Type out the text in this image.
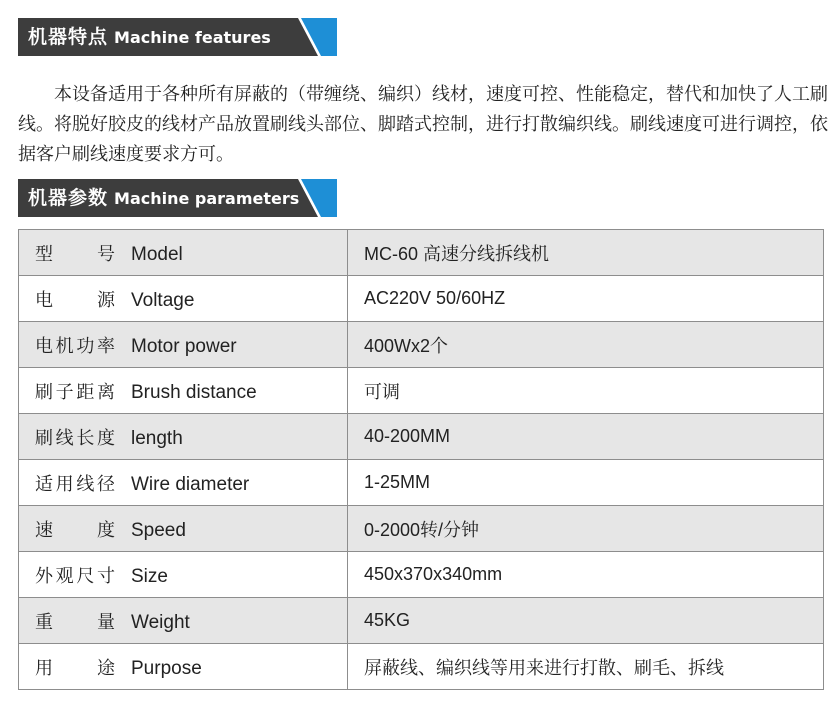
机器特点 Machine features

本设备适用于各种所有屏蔽的（带缠绕、编织）线材，速度可控、性能稳定，替代和加快了人工刷线。将脱好胶皮的线材产品放置刷线头部位、脚踏式控制，进行打散编织线。刷线速度可进行调控，依据客户刷线速度要求方可。

机器参数 Machine parameters
型号 Model	MC-60 高速分线拆线机
电源 Voltage	AC220V 50/60HZ
电机功率 Motor power	400Wx2个
刷子距离 Brush distance	可调
刷线长度 length	40-200MM
适用线径 Wire diameter	1-25MM
速度 Speed	0-2000转/分钟
外观尺寸 Size	450x370x340mm
重量 Weight	45KG
用途 Purpose	屏蔽线、编织线等用来进行打散、刷毛、拆线
